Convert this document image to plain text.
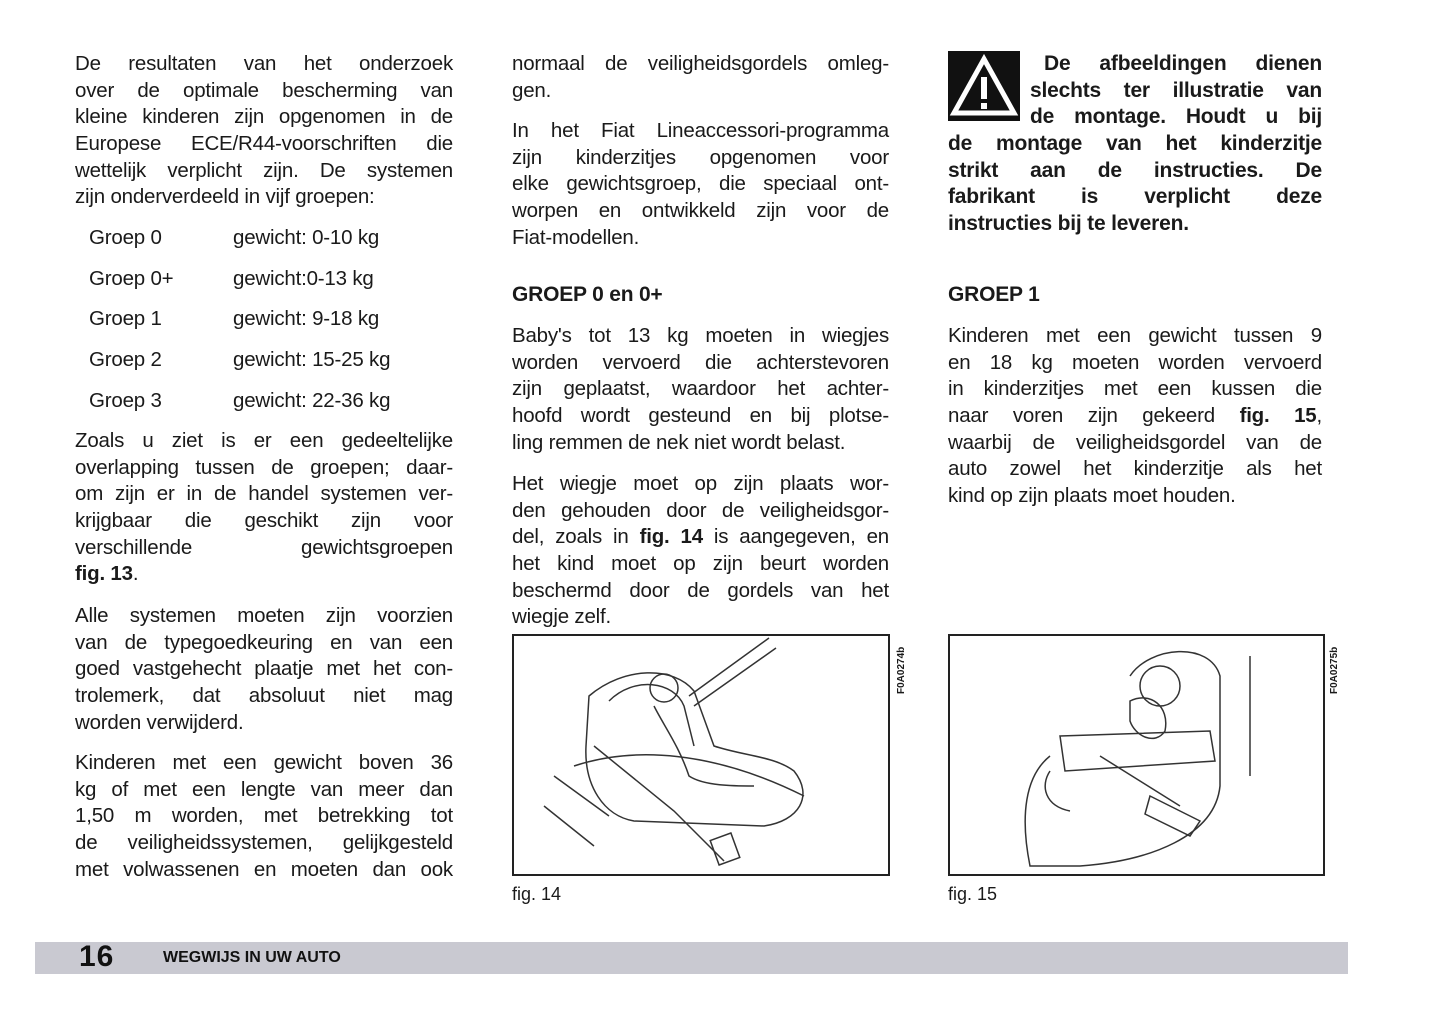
De resultaten van het onderzoek
over de optimale bescherming van
kleine kinderen zijn opgenomen in de
Europese ECE/R44-voorschriften die
wettelijk verplicht zijn. De systemen
zijn onderverdeeld in vijf groepen:
Groep 0	gewicht: 0-10 kg
Groep 0+	gewicht:0-13 kg
Groep 1	gewicht: 9-18 kg
Groep 2	gewicht: 15-25 kg
Groep 3	gewicht: 22-36 kg
Zoals u ziet is er een gedeeltelijke
overlapping tussen de groepen; daar-
om zijn er in de handel systemen ver-
krijgbaar die geschikt zijn voor
verschillende gewichtsgroepen
fig. 13.
Alle systemen moeten zijn voorzien
van de typegoedkeuring en van een
goed vastgehecht plaatje met het con-
trolemerk, dat absoluut niet mag
worden verwijderd.
Kinderen met een gewicht boven 36
kg of met een lengte van meer dan
1,50 m worden, met betrekking tot
de veiligheidssystemen, gelijkgesteld
met volwassenen en moeten dan ook
normaal de veiligheidsgordels omleg-
gen.
In het Fiat Lineaccessori-programma
zijn kinderzitjes opgenomen voor
elke gewichtsgroep, die speciaal ont-
worpen en ontwikkeld zijn voor de
Fiat-modellen.
GROEP 0 en 0+
Baby's tot 13 kg moeten in wiegjes
worden vervoerd die achterstevoren
zijn geplaatst, waardoor het achter-
hoofd wordt gesteund en bij plotse-
ling remmen de nek niet wordt belast.
Het wiegje moet op zijn plaats wor-
den gehouden door de veiligheidsgor-
del, zoals in fig. 14 is aangegeven, en
het kind moet op zijn beurt worden
beschermd door de gordels van het
wiegje zelf.
F0A0274b
fig. 14
De afbeeldingen dienen
slechts ter illustratie van
de montage. Houdt u bij
de montage van het kinderzitje
strikt aan de instructies. De
fabrikant is verplicht deze
instructies bij te leveren.
GROEP 1
Kinderen met een gewicht tussen 9
en 18 kg moeten worden vervoerd
in kinderzitjes met een kussen die
naar voren zijn gekeerd fig. 15,
waarbij de veiligheidsgordel van de
auto zowel het kinderzitje als het
kind op zijn plaats moet houden.
F0A0275b
fig. 15
16	WEGWIJS IN UW AUTO
